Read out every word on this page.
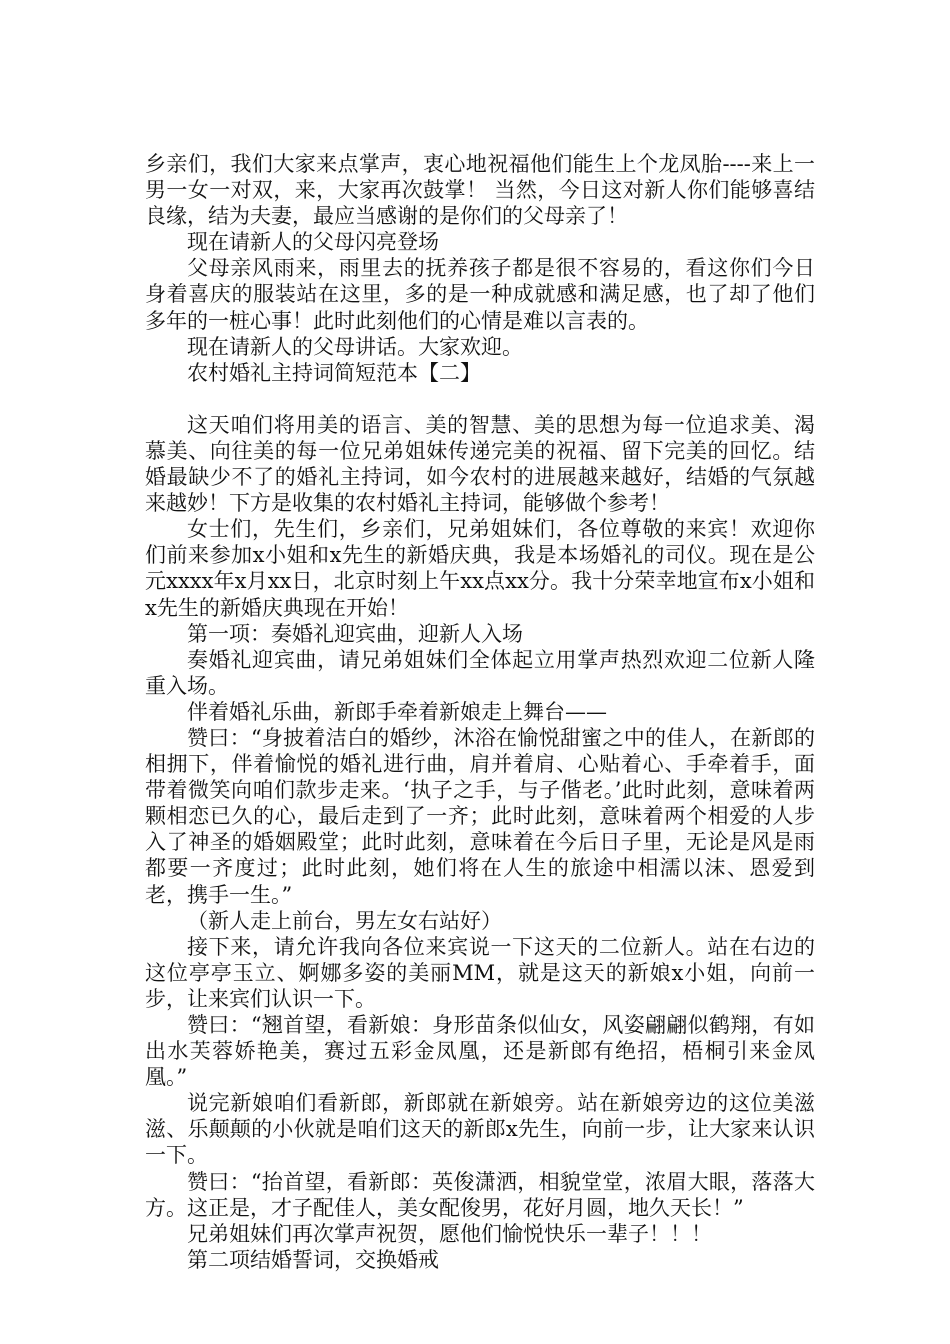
乡亲们，我们大家来点掌声，衷心地祝福他们能生上个龙凤胎----来上一男一女一对双，来，大家再次鼓掌！ 当然，今日这对新人你们能够喜结良缘，结为夫妻，最应当感谢的是你们的父母亲了！

现在请新人的父母闪亮登场

父母亲风雨来，雨里去的抚养孩子都是很不容易的，看这你们今日身着喜庆的服装站在这里，多的是一种成就感和满足感，也了却了他们多年的一桩心事！此时此刻他们的心情是难以言表的。

现在请新人的父母讲话。大家欢迎。

农村婚礼主持词简短范本【二】

这天咱们将用美的语言、美的智慧、美的思想为每一位追求美、渴慕美、向往美的每一位兄弟姐妹传递完美的祝福、留下完美的回忆。结婚最缺少不了的婚礼主持词，如今农村的进展越来越好，结婚的气氛越来越妙！下方是收集的农村婚礼主持词，能够做个参考！

女士们，先生们，乡亲们，兄弟姐妹们，各位尊敬的来宾！欢迎你们前来参加x小姐和x先生的新婚庆典，我是本场婚礼的司仪。现在是公元xxxx年x月xx日，北京时刻上午xx点xx分。我十分荣幸地宣布x小姐和x先生的新婚庆典现在开始！

第一项：奏婚礼迎宾曲，迎新人入场

奏婚礼迎宾曲，请兄弟姐妹们全体起立用掌声热烈欢迎二位新人隆重入场。

伴着婚礼乐曲，新郎手牵着新娘走上舞台——

赞曰：“身披着洁白的婚纱，沐浴在愉悦甜蜜之中的佳人，在新郎的相拥下，伴着愉悦的婚礼进行曲，肩并着肩、心贴着心、手牵着手，面带着微笑向咱们款步走来。‘执子之手，与子偕老。’此时此刻，意味着两颗相恋已久的心，最后走到了一齐；此时此刻，意味着两个相爱的人步入了神圣的婚姻殿堂；此时此刻，意味着在今后日子里，无论是风是雨都要一齐度过；此时此刻，她们将在人生的旅途中相濡以沫、恩爱到老，携手一生。”

（新人走上前台，男左女右站好）

接下来，请允许我向各位来宾说一下这天的二位新人。站在右边的这位亭亭玉立、婀娜多姿的美丽MM，就是这天的新娘x小姐，向前一步，让来宾们认识一下。

赞曰：“翘首望，看新娘：身形苗条似仙女，风姿翩翩似鹤翔，有如出水芙蓉娇艳美，赛过五彩金凤凰，还是新郎有绝招，梧桐引来金凤凰。”

说完新娘咱们看新郎，新郎就在新娘旁。站在新娘旁边的这位美滋滋、乐颠颠的小伙就是咱们这天的新郎x先生，向前一步，让大家来认识一下。

赞曰：“抬首望，看新郎：英俊潇洒，相貌堂堂，浓眉大眼，落落大方。这正是，才子配佳人，美女配俊男，花好月圆，地久天长！”

兄弟姐妹们再次掌声祝贺，愿他们愉悦快乐一辈子！！！

第二项结婚誓词，交换婚戒
